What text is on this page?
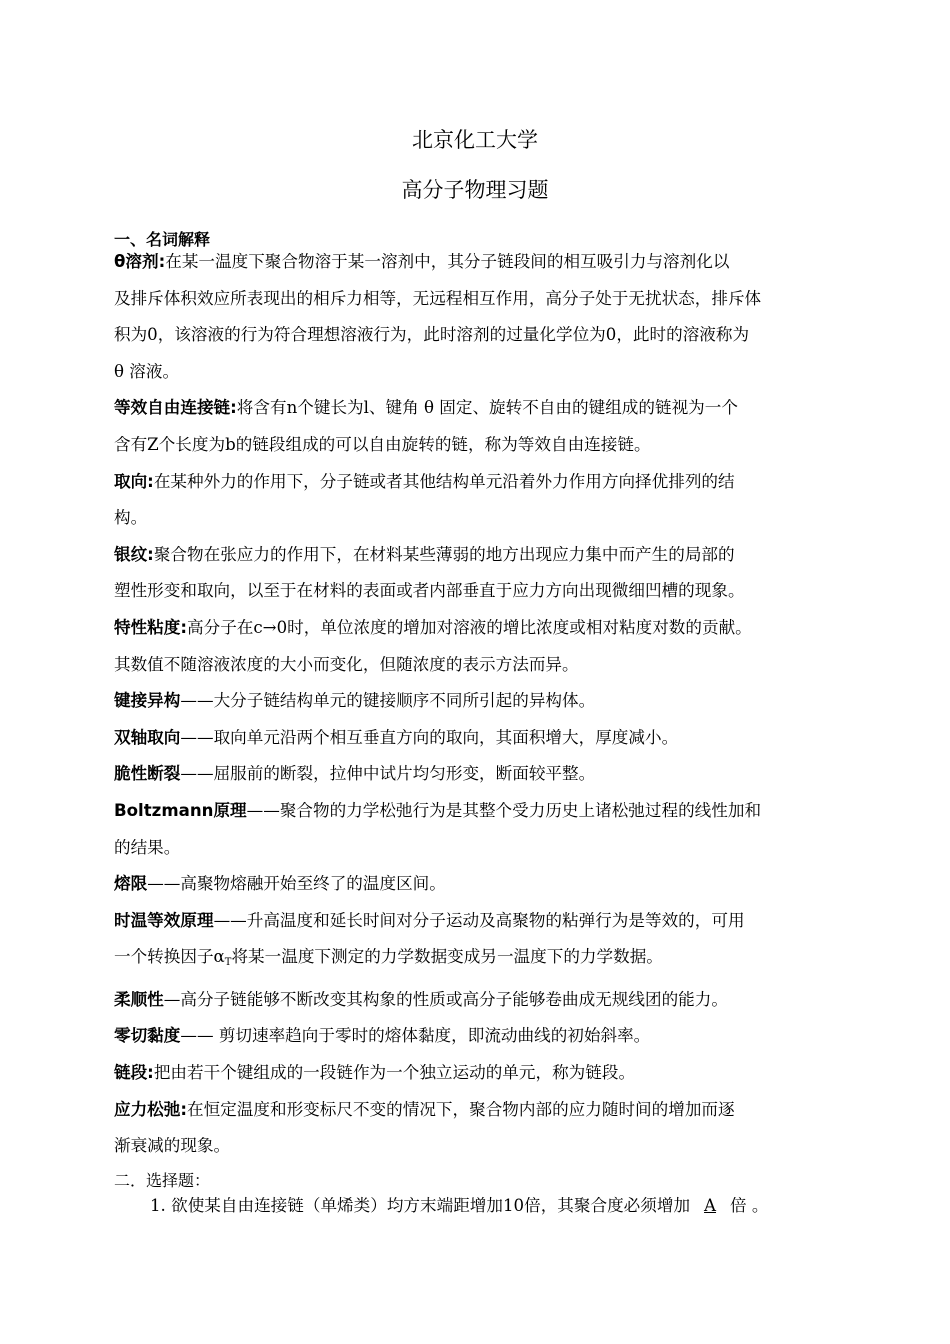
北京化工大学
高分子物理习题
一、名词解释
θ溶剂:在某一温度下聚合物溶于某一溶剂中，其分子链段间的相互吸引力与溶剂化以
及排斥体积效应所表现出的相斥力相等，无远程相互作用，高分子处于无扰状态，排斥体
积为0，该溶液的行为符合理想溶液行为，此时溶剂的过量化学位为0，此时的溶液称为
θ 溶液。
等效自由连接链:将含有n个键长为l、键角 θ 固定、旋转不自由的键组成的链视为一个
含有Z个长度为b的链段组成的可以自由旋转的链，称为等效自由连接链。
取向:在某种外力的作用下，分子链或者其他结构单元沿着外力作用方向择优排列的结
构。
银纹:聚合物在张应力的作用下，在材料某些薄弱的地方出现应力集中而产生的局部的
塑性形变和取向，以至于在材料的表面或者内部垂直于应力方向出现微细凹槽的现象。
特性粘度:高分子在c→0时，单位浓度的增加对溶液的增比浓度或相对粘度对数的贡献。
其数值不随溶液浓度的大小而变化，但随浓度的表示方法而异。
键接异构——大分子链结构单元的键接顺序不同所引起的异构体。
双轴取向——取向单元沿两个相互垂直方向的取向，其面积增大，厚度减小。
脆性断裂——屈服前的断裂，拉伸中试片均匀形变，断面较平整。
Boltzmann原理——聚合物的力学松弛行为是其整个受力历史上诸松弛过程的线性加和
的结果。
熔限——高聚物熔融开始至终了的温度区间。
时温等效原理——升高温度和延长时间对分子运动及高聚物的粘弹行为是等效的，可用
一个转换因子$\alpha_T$将某一温度下测定的力学数据变成另一温度下的力学数据。
柔顺性—高分子链能够不断改变其构象的性质或高分子能够卷曲成无规线团的能力。
零切黏度—— 剪切速率趋向于零时的熔体黏度，即流动曲线的初始斜率。
链段:把由若干个键组成的一段链作为一个独立运动的单元，称为链段。
应力松弛:在恒定温度和形变标尺不变的情况下，聚合物内部的应力随时间的增加而逐
渐衰减的现象。
二．选择题：
1. 欲使某自由连接链（单烯类）均方末端距增加10倍，其聚合度必须增加 A 倍 。
